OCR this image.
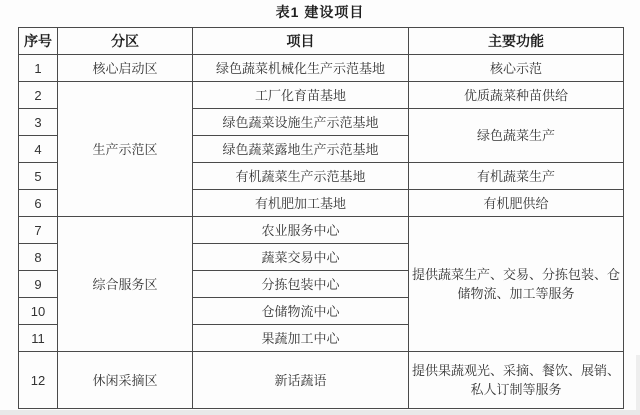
表1 建设项目
序号	分区	项目	主要功能
1	核心启动区	绿色蔬菜机械化生产示范基地	核心示范
2	生产示范区	工厂化育苗基地	优质蔬菜种苗供给
3		绿色蔬菜设施生产示范基地	绿色蔬菜生产
4		绿色蔬菜露地生产示范基地	
5		有机蔬菜生产示范基地	有机蔬菜生产
6		有机肥加工基地	有机肥供给
7	综合服务区	农业服务中心	提供蔬菜生产、交易、分拣包装、仓储物流、加工等服务
8		蔬菜交易中心	
9		分拣包装中心	
10		仓储物流中心	
11		果蔬加工中心	
12	休闲采摘区	新话蔬语	提供果蔬观光、采摘、餐饮、展销、私人订制等服务
